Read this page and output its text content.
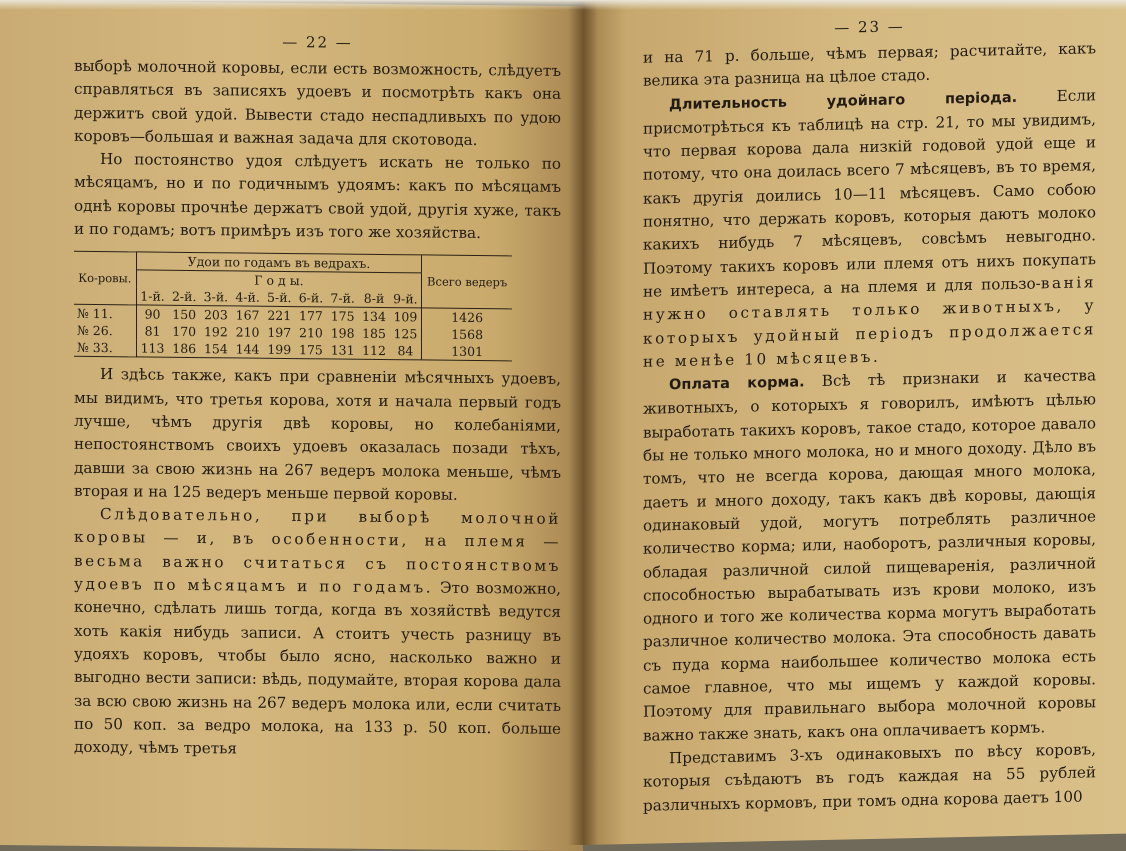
— 22 —

выборѣ молочной коровы, если есть возможность, слѣдуетъ справляться въ записяхъ удоевъ и посмотрѣть какъ она держитъ свой удой. Вывести стадо неспадливыхъ по удою коровъ—большая и важная задача для скотовода.

Но постоянство удоя слѣдуетъ искать не только по мѣсяцамъ, но и по годичнымъ удоямъ: какъ по мѣсяцамъ однѣ коровы прочнѣе держатъ свой удой, другія хуже, такъ и по годамъ; вотъ примѣръ изъ того же хозяйства.

Ко-ровы.	Удои по годамъ въ ведрахъ.									Всего ведеръ
	Г о д ы.									
	1-й.	2-й.	3-й.	4-й.	5-й.	6-й.	7-й.	8-й	9-й.	
№ 11.	90	150	203	167	221	177	175	134	109	1426
№ 26.	81	170	192	210	197	210	198	185	125	1568
№ 33.	113	186	154	144	199	175	131	112	84	1301

И здѣсь также, какъ при сравненіи мѣсячныхъ удоевъ, мы видимъ, что третья корова, хотя и начала первый годъ лучше, чѣмъ другія двѣ коровы, но колебаніями, непостоянствомъ своихъ удоевъ оказалась позади тѣхъ, давши за свою жизнь на 267 ведеръ молока меньше, чѣмъ вторая и на 125 ведеръ меньше первой коровы.

Слѣдовательно, при выборѣ молочной коровы — и, въ особенности, на племя — весьма важно считаться съ постоянствомъ удоевъ по мѣсяцамъ и по годамъ. Это возможно, конечно, сдѣлать лишь тогда, когда въ хозяйствѣ ведутся хоть какія нибудь записи. А стоитъ учесть разницу въ удояхъ коровъ, чтобы было ясно, насколько важно и выгодно вести записи: вѣдь, подумайте, вторая корова дала за всю свою жизнь на 267 ведеръ молока или, если считать по 50 коп. за ведро молока, на 133 р. 50 коп. больше доходу, чѣмъ третья

— 23 —

и на 71 р. больше, чѣмъ первая; расчитайте, какъ велика эта разница на цѣлое стадо.

Длительность удойнаго періода.	Если присмотрѣться къ таблицѣ на стр. 21, то мы увидимъ, что первая корова дала низкій годовой удой еще и потому, что она доилась всего 7 мѣсяцевъ, въ то время, какъ другія доились 10—11 мѣсяцевъ. Само собою понятно, что держать коровъ, которыя даютъ молоко какихъ нибудь 7 мѣсяцевъ, совсѣмъ невыгодно. Поэтому такихъ коровъ или племя отъ нихъ покупать не имѣетъ интереса, а на племя и для пользо-ванія нужно оставлять только животныхъ, у которыхъ удойный періодъ продолжается не менѣе 10 мѣсяцевъ.

Оплата корма. Всѣ тѣ признаки и качества животныхъ, о которыхъ я говорилъ, имѣютъ цѣлью выработать такихъ коровъ, такое стадо, которое давало бы не только много молока, но и много доходу. Дѣло въ томъ, что не всегда корова, дающая много молока, даетъ и много доходу, такъ какъ двѣ коровы, дающія одинаковый удой, могутъ потреблять различное количество корма; или, наоборотъ, различныя коровы, обладая различной силой пищеваренія, различной способностью вырабатывать изъ крови молоко, изъ одного и того же количества корма могутъ выработать различное количество молока. Эта способность давать съ пуда корма наибольшее количество молока есть самое главное, что мы ищемъ у каждой коровы. Поэтому для правильнаго выбора молочной коровы важно также знать, какъ она оплачиваетъ кормъ.

Представимъ 3-хъ одинаковыхъ по вѣсу коровъ, которыя съѣдаютъ въ годъ каждая на 55 рублей различныхъ кормовъ, при томъ одна корова даетъ 100
